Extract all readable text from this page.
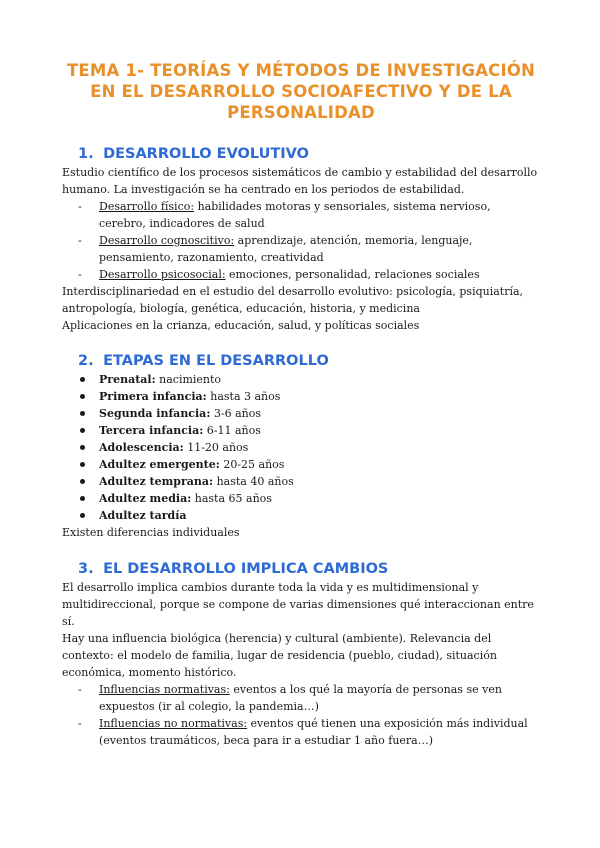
TEMA 1- TEORÍAS Y MÉTODOS DE INVESTIGACIÓN
EN EL DESARROLLO SOCIOAFECTIVO Y DE LA
PERSONALIDAD
1. DESARROLLO EVOLUTIVO

Estudio científico de los procesos sistemáticos de cambio y estabilidad del desarrollo humano. La investigación se ha centrado en los periodos de estabilidad.

- Desarrollo físico: habilidades motoras y sensoriales, sistema nervioso, cerebro, indicadores de salud
- Desarrollo cognoscitivo: aprendizaje, atención, memoria, lenguaje, pensamiento, razonamiento, creatividad
- Desarrollo psicosocial: emociones, personalidad, relaciones sociales

Interdisciplinariedad en el estudio del desarrollo evolutivo: psicología, psiquiatría, antropología, biología, genética, educación, historia, y medicina

Aplicaciones en la crianza, educación, salud, y políticas sociales

2. ETAPAS EN EL DESARROLLO
Prenatal: nacimiento
Primera infancia: hasta 3 años
Segunda infancia: 3-6 años
Tercera infancia: 6-11 años
Adolescencia: 11-20 años
Adultez emergente: 20-25 años
Adultez temprana: hasta 40 años
Adultez media: hasta 65 años
Adultez tardía

Existen diferencias individuales

3. EL DESARROLLO IMPLICA CAMBIOS

El desarrollo implica cambios durante toda la vida y es multidimensional y multidireccional, porque se compone de varias dimensiones qué interaccionan entre sí.

Hay una influencia biológica (herencia) y cultural (ambiente). Relevancia del contexto: el modelo de familia, lugar de residencia (pueblo, ciudad), situación económica, momento histórico.

- Influencias normativas: eventos a los qué la mayoría de personas se ven expuestos (ir al colegio, la pandemia…)
- Influencias no normativas: eventos qué tienen una exposición más individual (eventos traumáticos, beca para ir a estudiar 1 año fuera…)
